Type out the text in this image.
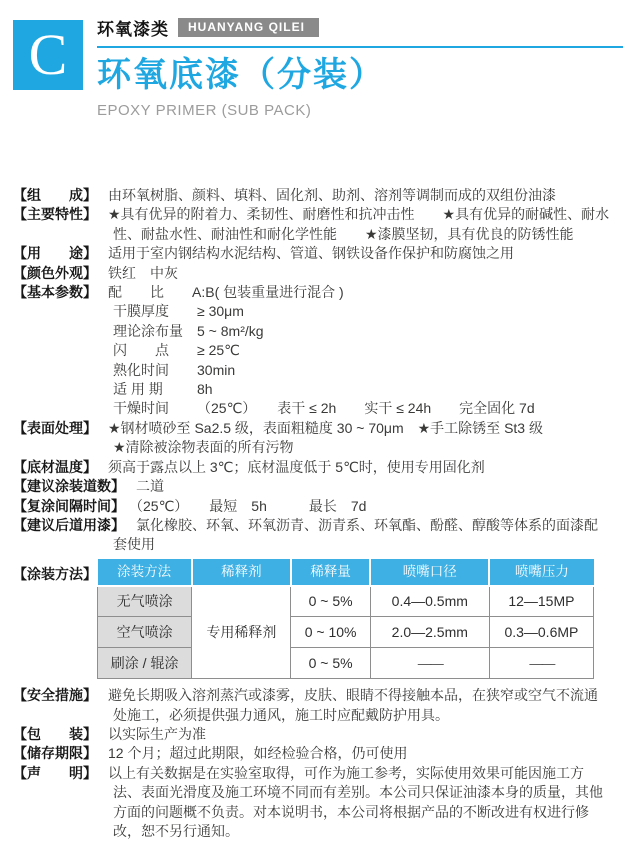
C 环氧漆类	HUANYANG QILEI
环氧底漆（分装）
EPOXY PRIMER (SUB PACK)
【组　　成】 由环氧树脂、颜料、填料、固化剂、助剂、溶剂等调制而成的双组份油漆
【主要特性】 ★具有优异的附着力、柔韧性、耐磨性和抗冲击性　　★具有优异的耐碱性、耐水性、耐盐水性、耐油性和耐化学性能　　★漆膜坚韧，具有优良的防锈性能
【用　　途】 适用于室内钢结构水泥结构、管道、钢铁设备作保护和防腐蚀之用
【颜色外观】 铁红　中灰
【基本参数】 配　　比 A:B( 包装重量进行混合 )
干膜厚度 ≥ 30μm
理论涂布量 5 ~ 8m²/kg
闪　　点 ≥ 25℃
熟化时间 30min
适 用 期 8h
干燥时间 （25℃）　　表干 ≤ 2h　　实干 ≤ 24h　　完全固化 7d
【表面处理】 ★钢材喷砂至 Sa2.5 级，表面粗糙度 30 ~ 70μm　★手工除锈至 St3 级
★清除被涂物表面的所有污物
【底材温度】 须高于露点以上 3℃；底材温度低于 5℃时，使用专用固化剂
【建议涂装道数】 二道
【复涂间隔时间】 （25℃）　　最短　5h　　　最长　7d
【建议后道用漆】 氯化橡胶、环氧、环氧沥青、沥青系、环氧酯、酚醛、醇酸等体系的面漆配套使用
【涂装方法】 涂装方法	稀释剂	稀释量	喷嘴口径	喷嘴压力
无气喷涂	专用稀释剂	0 ~ 5%	0.4—0.5mm	12—15MP
空气喷涂		0 ~ 10%	2.0—2.5mm	0.3—0.6MP
刷涂 / 辊涂		0 ~ 5%	——	——
【安全措施】 避免长期吸入溶剂蒸汽或漆雾，皮肤、眼睛不得接触本品，在狭窄或空气不流通处施工，必须提供强力通风，施工时应配戴防护用具。
【包　　装】 以实际生产为准
【储存期限】 12 个月；超过此期限，如经检验合格，仍可使用
【声　　明】 以上有关数据是在实验室取得，可作为施工参考，实际使用效果可能因施工方法、表面光滑度及施工环境不同而有差别。本公司只保证油漆本身的质量，其他方面的问题概不负责。对本说明书，本公司将根据产品的不断改进有权进行修改，恕不另行通知。
